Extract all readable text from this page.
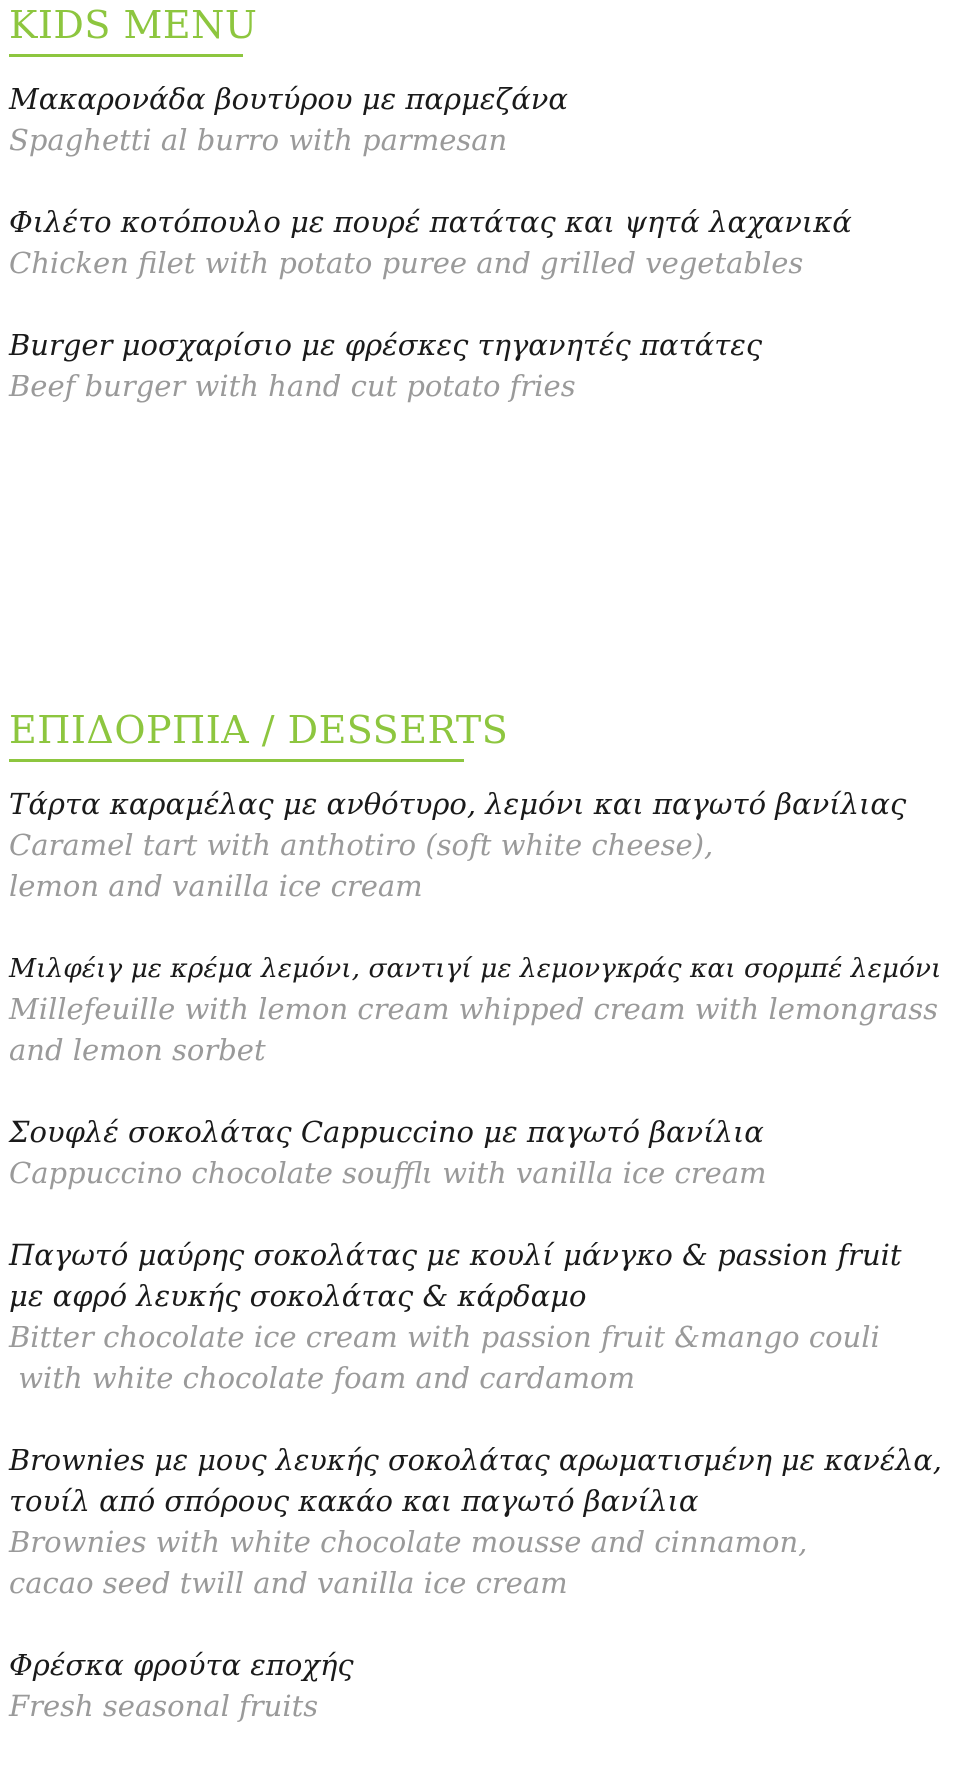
KIDS MENU

Μακαρονάδα βουτύρου με παρμεζάνα

Spaghetti al burro with parmesan

Φιλέτο κοτόπουλο με πουρέ πατάτας και ψητά λαχανικά

Chicken filet with potato puree and grilled vegetables

Burger μοσχαρίσιο με φρέσκες τηγανητές πατάτες

Beef burger with hand cut potato fries

ΕΠΙΔΟΡΠΙΑ / DESSERTS

Τάρτα καραμέλας με ανθότυρο, λεμόνι και παγωτό βανίλιας

Caramel tart with anthotiro (soft white cheese),

lemon and vanilla ice cream

Μιλφέιγ με κρέμα λεμόνι, σαντιγί με λεμονγκράς και σορμπέ λεμόνι

Millefeuille with lemon cream whipped cream with lemongrass

and lemon sorbet

Σουφλέ σοκολάτας Cappuccino με παγωτό βανίλια

Cappuccino chocolate soufflι with vanilla ice cream

Παγωτό μαύρης σοκολάτας με κουλί μάνγκο & passion fruit

με αφρό λευκής σοκολάτας & κάρδαμο

Bitter chocolate ice cream with passion fruit &mango couli

with white chocolate foam and cardamom

Brownies με μους λευκής σοκολάτας αρωματισμένη με κανέλα,

τουίλ από σπόρους κακάο και παγωτό βανίλια

Brownies with white chocolate mousse and cinnamon,

cacao seed twill and vanilla ice cream

Φρέσκα φρούτα εποχής

Fresh seasonal fruits
